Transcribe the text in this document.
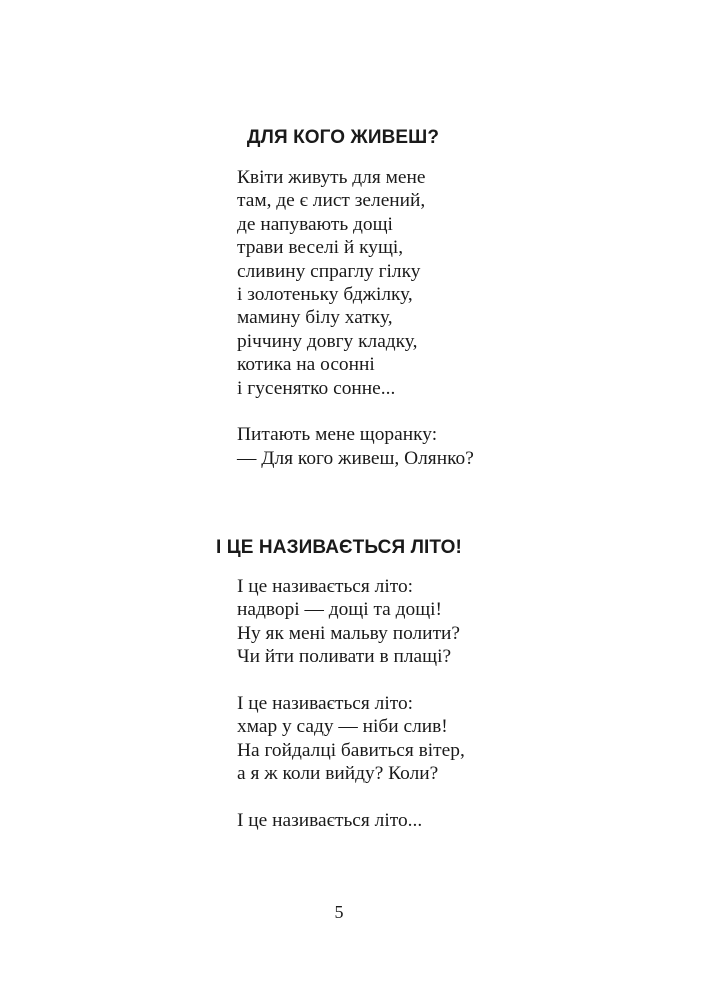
ДЛЯ КОГО ЖИВЕШ?
Квіти живуть для мене
там, де є лист зелений,
де напувають дощі
трави веселі й кущі,
сливину спраглу гілку
і золотеньку бджілку,
мамину білу хатку,
річчину довгу кладку,
котика на осонні
і гусенятко сонне...
Питають мене щоранку:
— Для кого живеш, Олянко?
І ЦЕ НАЗИВАЄТЬСЯ ЛІТО!
І це називається літо:
надворі — дощі та дощі!
Ну як мені мальву полити?
Чи йти поливати в плащі?
І це називається літо:
хмар у саду — ніби слив!
На гойдалці бавиться вітер,
а я ж коли вийду? Коли?
І це називається літо...
5
